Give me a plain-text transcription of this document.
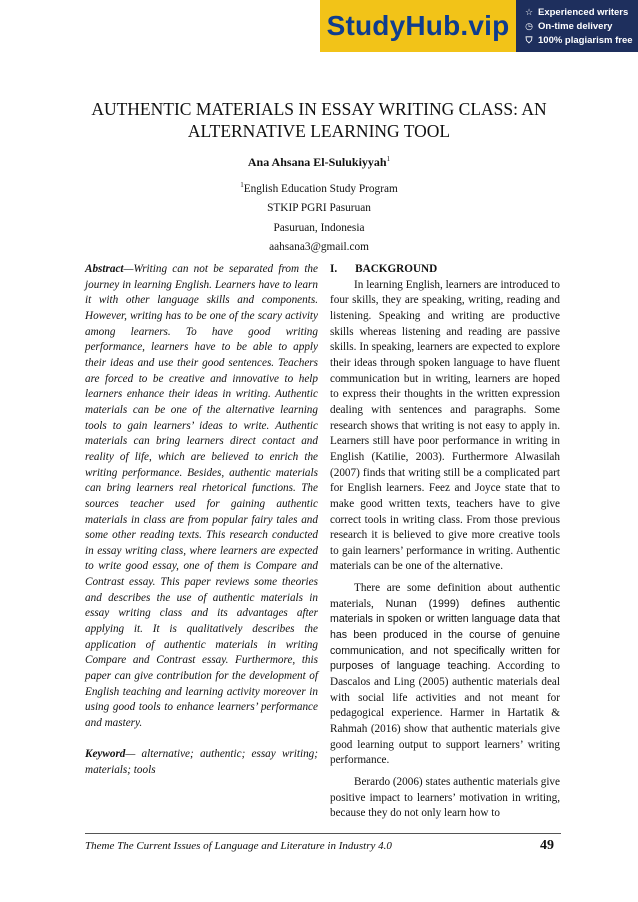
StudyHub.vip	☆ Experienced writers
◷ On-time delivery
⛉ 100% plagiarism free
AUTHENTIC MATERIALS IN ESSAY WRITING CLASS: AN ALTERNATIVE LEARNING TOOL
Ana Ahsana El-Sulukiyyah$^1$
$^1$English Education Study Program
STKIP PGRI Pasuruan
Pasuruan, Indonesia
aahsana3@gmail.com
Abstract—Writing can not be separated from the journey in learning English. Learners have to learn it with other language skills and components. However, writing has to be one of the scary activity among learners. To have good writing performance, learners have to be able to apply their ideas and use their good sentences. Teachers are forced to be creative and innovative to help learners enhance their ideas in writing. Authentic materials can be one of the alternative learning tools to gain learners’ ideas to write. Authentic materials can bring learners direct contact and reality of life, which are believed to enrich the writing performance. Besides, authentic materials can bring learners real rhetorical functions. The sources teacher used for gaining authentic materials in class are from popular fairy tales and some other reading texts. This research conducted in essay writing class, where learners are expected to write good essay, one of them is Compare and Contrast essay. This paper reviews some theories and describes the use of authentic materials in essay writing class and its advantages after applying it. It is qualitatively describes the application of authentic materials in writing Compare and Contrast essay. Furthermore, this paper can give contribution for the development of English teaching and learning activity moreover in using good tools to enhance learners’ performance and mastery.
Keyword— alternative; authentic; essay writing; materials; tools
I. BACKGROUND

In learning English, learners are introduced to four skills, they are speaking, writing, reading and listening. Speaking and writing are productive skills whereas listening and reading are passive skills. In speaking, learners are expected to explore their ideas through spoken language to have fluent communication but in writing, learners are hoped to express their thoughts in the written expression dealing with sentences and paragraphs. Some research shows that writing is not easy to apply in. Learners still have poor performance in writing in English (Katilie, 2003). Furthermore Alwasilah (2007) finds that writing still be a complicated part for English learners. Feez and Joyce state that to make good written texts, teachers have to give correct tools in writing class. From those previous research it is believed to give more creative tools to gain learners’ performance in writing. Authentic materials can be one of the alternative.

There are some definition about authentic materials, Nunan (1999) defines authentic materials in spoken or written language data that has been produced in the course of genuine communication, and not specifically written for purposes of language teaching. According to Dascalos and Ling (2005) authentic materials deal with social life activities and not meant for pedagogical experience. Harmer in Hartatik & Rahmah (2016) show that authentic materials give good learning output to support learners’ writing performance.

Berardo (2006) states authentic materials give positive impact to learners’ motivation in writing, because they do not only learn how to

Theme The Current Issues of Language and Literature in Industry 4.0	49
